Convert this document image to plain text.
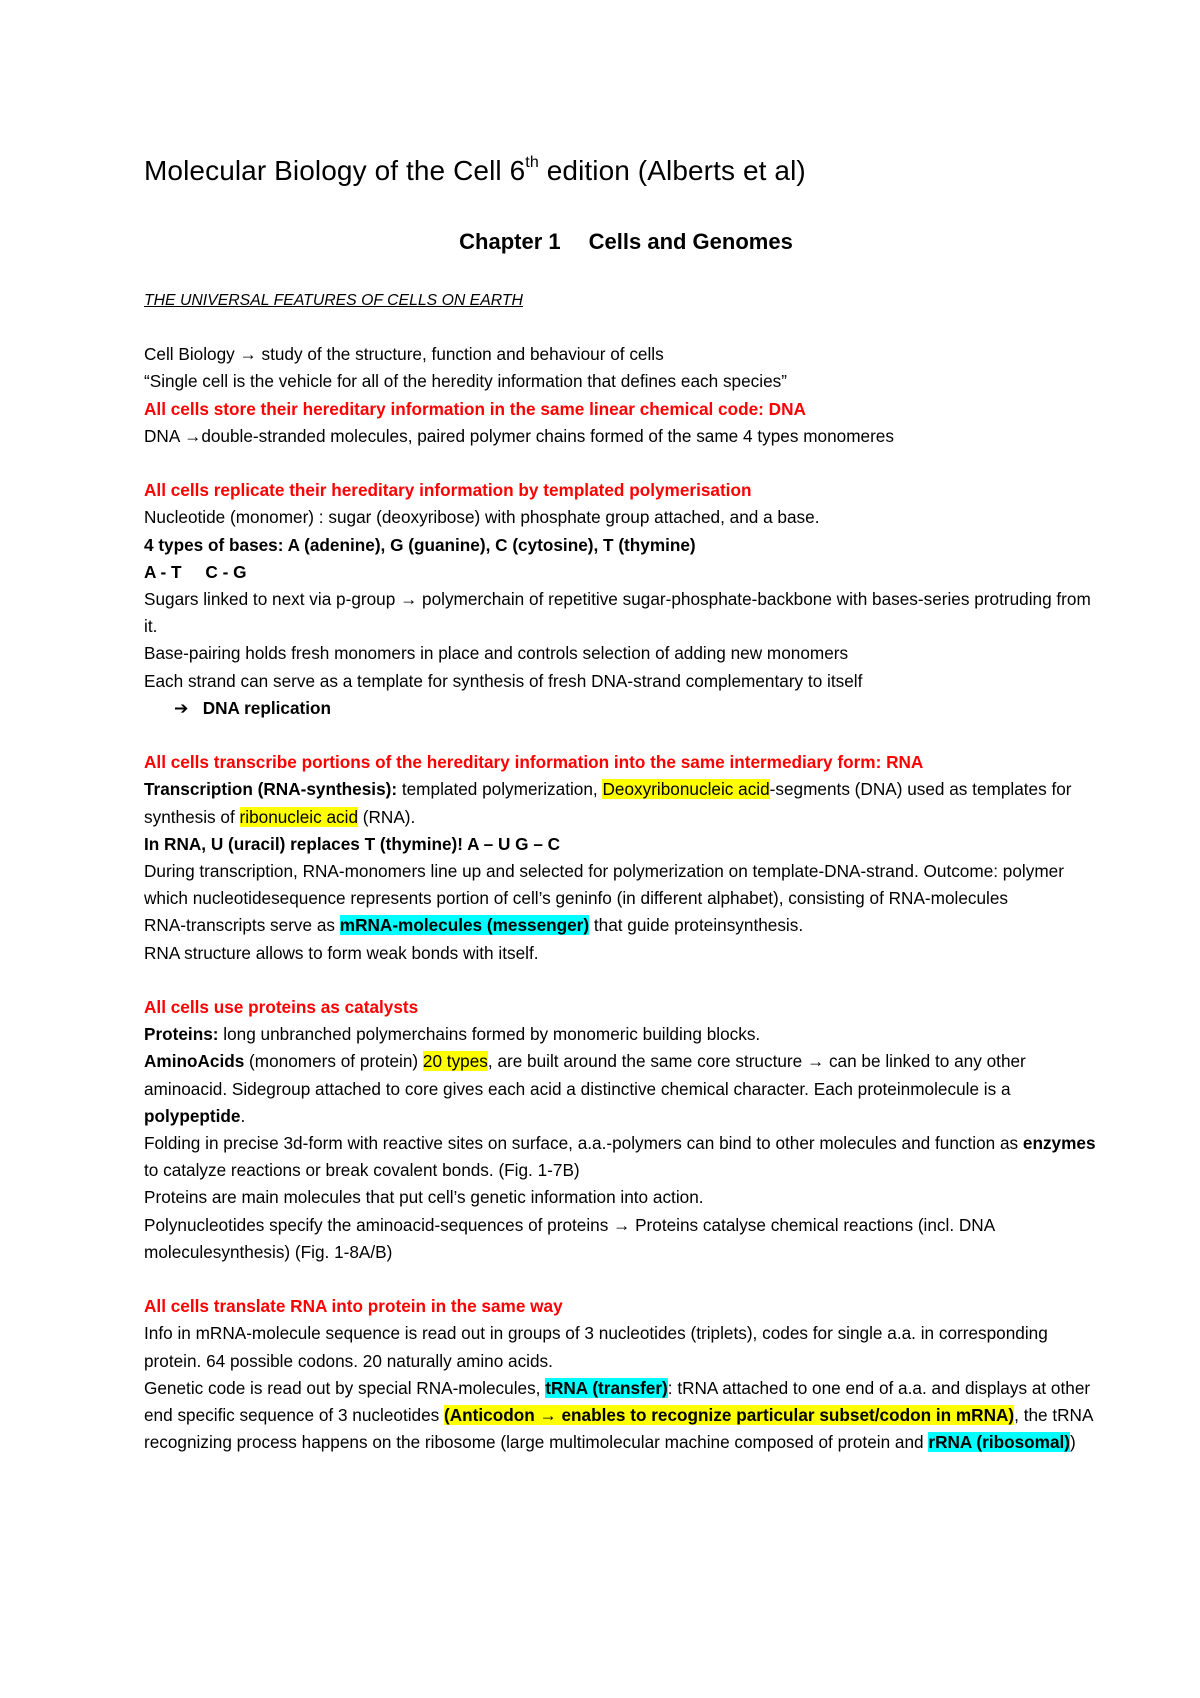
Molecular Biology of the Cell 6th edition (Alberts et al)
Chapter 1 Cells and Genomes
THE UNIVERSAL FEATURES OF CELLS ON EARTH

Cell Biology → study of the structure, function and behaviour of cells

“Single cell is the vehicle for all of the heredity information that defines each species”

All cells store their hereditary information in the same linear chemical code: DNA

DNA →double-stranded molecules, paired polymer chains formed of the same 4 types monomeres

All cells replicate their hereditary information by templated polymerisation

Nucleotide (monomer) : sugar (deoxyribose) with phosphate group attached, and a base.

4 types of bases: A (adenine), G (guanine), C (cytosine), T (thymine)

A - T     C - G

Sugars linked to next via p-group → polymerchain of repetitive sugar-phosphate-backbone with bases-series protruding from it.

Base-pairing holds fresh monomers in place and controls selection of adding new monomers

Each strand can serve as a template for synthesis of fresh DNA-strand complementary to itself

➔ DNA replication

All cells transcribe portions of the hereditary information into the same intermediary form: RNA

Transcription (RNA-synthesis): templated polymerization, Deoxyribonucleic acid-segments (DNA) used as templates for synthesis of ribonucleic acid (RNA).

In RNA, U (uracil) replaces T (thymine)! A – U G – C

During transcription, RNA-monomers line up and selected for polymerization on template-DNA-strand. Outcome: polymer which nucleotidesequence represents portion of cell’s geninfo (in different alphabet), consisting of RNA-molecules

RNA-transcripts serve as mRNA-molecules (messenger) that guide proteinsynthesis.

RNA structure allows to form weak bonds with itself.

All cells use proteins as catalysts

Proteins: long unbranched polymerchains formed by monomeric building blocks.

AminoAcids (monomers of protein) 20 types, are built around the same core structure → can be linked to any other aminoacid. Sidegroup attached to core gives each acid a distinctive chemical character. Each proteinmolecule is a polypeptide.

Folding in precise 3d-form with reactive sites on surface, a.a.-polymers can bind to other molecules and function as enzymes to catalyze reactions or break covalent bonds. (Fig. 1-7B)

Proteins are main molecules that put cell’s genetic information into action.

Polynucleotides specify the aminoacid-sequences of proteins → Proteins catalyse chemical reactions (incl. DNA moleculesynthesis) (Fig. 1-8A/B)

All cells translate RNA into protein in the same way

Info in mRNA-molecule sequence is read out in groups of 3 nucleotides (triplets), codes for single a.a. in corresponding protein. 64 possible codons. 20 naturally amino acids.

Genetic code is read out by special RNA-molecules, tRNA (transfer): tRNA attached to one end of a.a. and displays at other end specific sequence of 3 nucleotides (Anticodon → enables to recognize particular subset/codon in mRNA), the tRNA recognizing process happens on the ribosome (large multimolecular machine composed of protein and rRNA (ribosomal))
